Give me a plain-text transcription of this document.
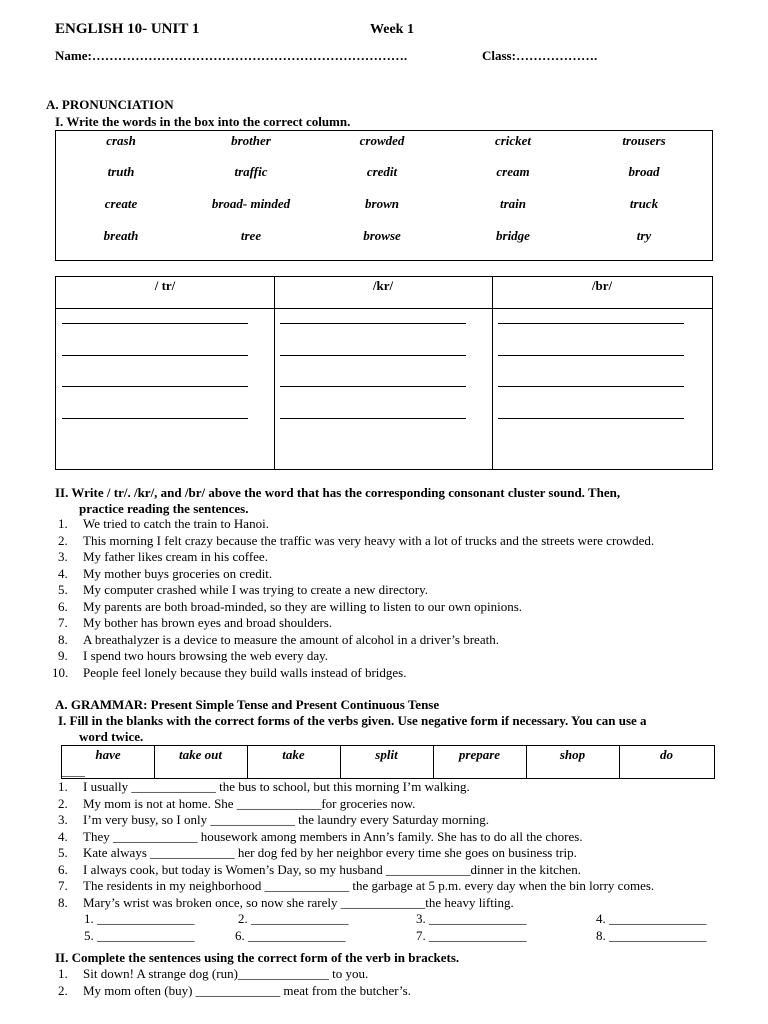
ENGLISH 10- UNIT 1	Week 1
Name:……………………………………………………………….	Class:……………….
A. PRONUNCIATION
I. Write the words in the box into the correct column.
crash	brother	crowded	cricket	trousers
truth	traffic	credit	cream	broad
create	broad- minded	brown	train	truck
breath	tree	browse	bridge	try
/ tr/	/kr/	/br/
II. Write / tr/. /kr/, and /br/ above the word that has the corresponding consonant cluster sound. Then,
practice reading the sentences.
1. We tried to catch the train to Hanoi.
2. This morning I felt crazy because the traffic was very heavy with a lot of trucks and the streets were crowded.
3. My father likes cream in his coffee.
4. My mother buys groceries on credit.
5. My computer crashed while I was trying to create a new directory.
6. My parents are both broad-minded, so they are willing to listen to our own opinions.
7. My bother has brown eyes and broad shoulders.
8. A breathalyzer is a device to measure the amount of alcohol in a driver’s breath.
9. I spend two hours browsing the web every day.
10. People feel lonely because they build walls instead of bridges.
A. GRAMMAR: Present Simple Tense and Present Continuous Tense
I. Fill in the blanks with the correct forms of the verbs given. Use negative form if necessary. You can use a
word twice.
have	take out	take	split	prepare	shop	do
____
1. I usually _____________ the bus to school, but this morning I’m walking.
2. My mom is not at home. She _____________for groceries now.
3. I’m very busy, so I only _____________ the laundry every Saturday morning.
4. They _____________ housework among members in Ann’s family. She has to do all the chores.
5. Kate always _____________ her dog fed by her neighbor every time she goes on business trip.
6. I always cook, but today is Women’s Day, so my husband _____________dinner in the kitchen.
7. The residents in my neighborhood _____________ the garbage at 5 p.m. every day when the bin lorry comes.
8. Mary’s wrist was broken once, so now she rarely _____________the heavy lifting.
1. _______________	2. _______________	3. _______________	4. _______________
5. _______________	6. _______________	7. _______________	8. _______________
II. Complete the sentences using the correct form of the verb in brackets.
1. Sit down! A strange dog (run)______________ to you.
2. My mom often (buy) _____________ meat from the butcher’s.
